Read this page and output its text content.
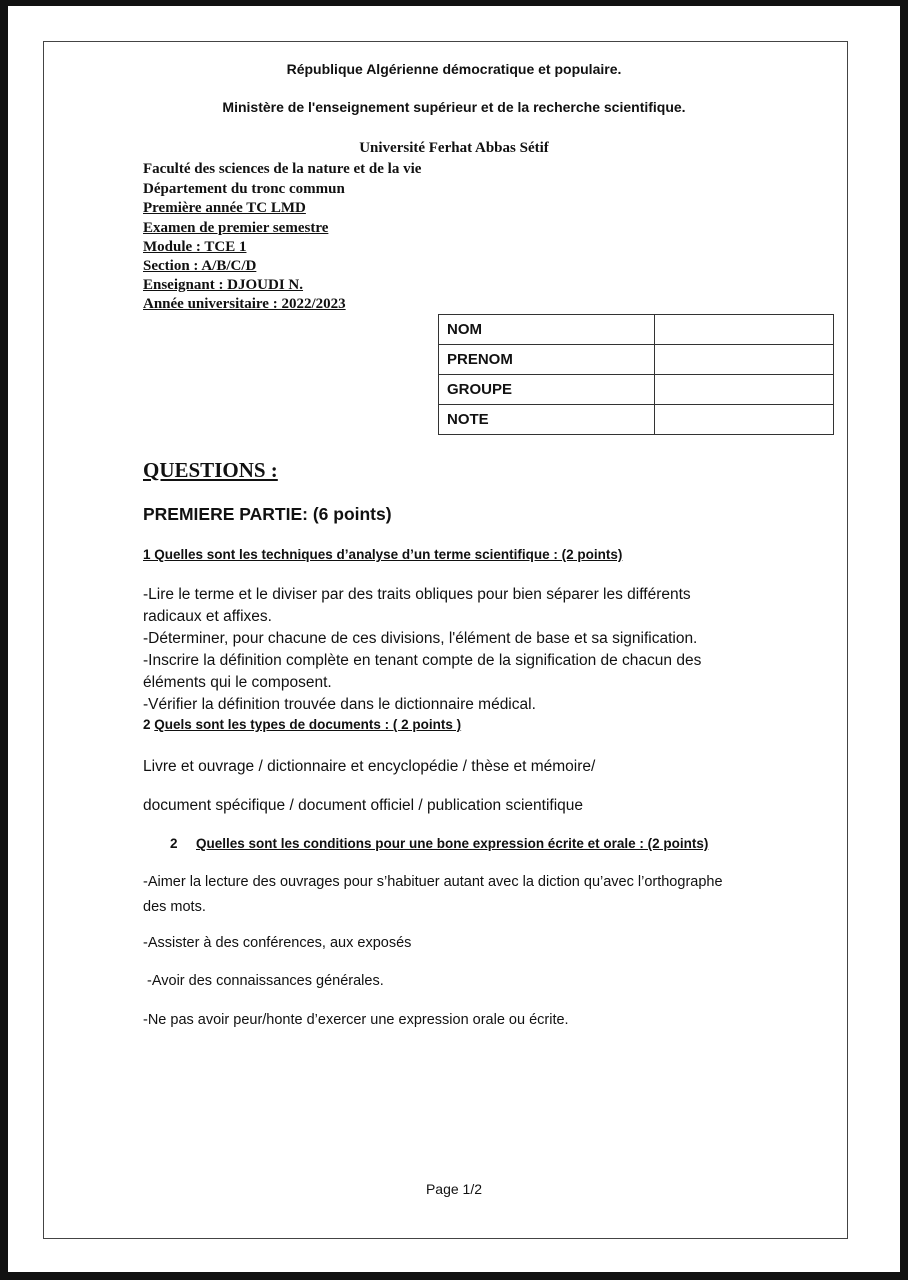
République Algérienne démocratique et populaire.
Ministère de l'enseignement supérieur et de la recherche scientifique.
Université Ferhat Abbas Sétif
Faculté des sciences de la nature et de la vie
Département du tronc commun
Première année TC LMD
Examen de premier semestre
Module : TCE 1
Section : A/B/C/D
Enseignant : DJOUDI N.
Année universitaire : 2022/2023
NOM	
PRENOM	
GROUPE	
NOTE	
QUESTIONS :
PREMIERE PARTIE: (6 points)
1 Quelles sont les techniques d’analyse d’un terme scientifique : (2 points)
-Lire le terme et le diviser par des traits obliques pour bien séparer les différents
radicaux et affixes.
-Déterminer, pour chacune de ces divisions, l'élément de base et sa signification.
-Inscrire la définition complète en tenant compte de la signification de chacun des
éléments qui le composent.
-Vérifier la définition trouvée dans le dictionnaire médical.
2 Quels sont les types de documents : ( 2 points )
Livre et ouvrage / dictionnaire et encyclopédie / thèse et mémoire/
document spécifique / document officiel / publication scientifique
2 Quelles sont les conditions pour une bone expression écrite et orale : (2 points)
-Aimer la lecture des ouvrages pour s’habituer autant avec la diction qu’avec l’orthographe
des mots.
-Assister à des conférences, aux exposés
-Avoir des connaissances générales.
-Ne pas avoir peur/honte d’exercer une expression orale ou écrite.
Page 1/2
